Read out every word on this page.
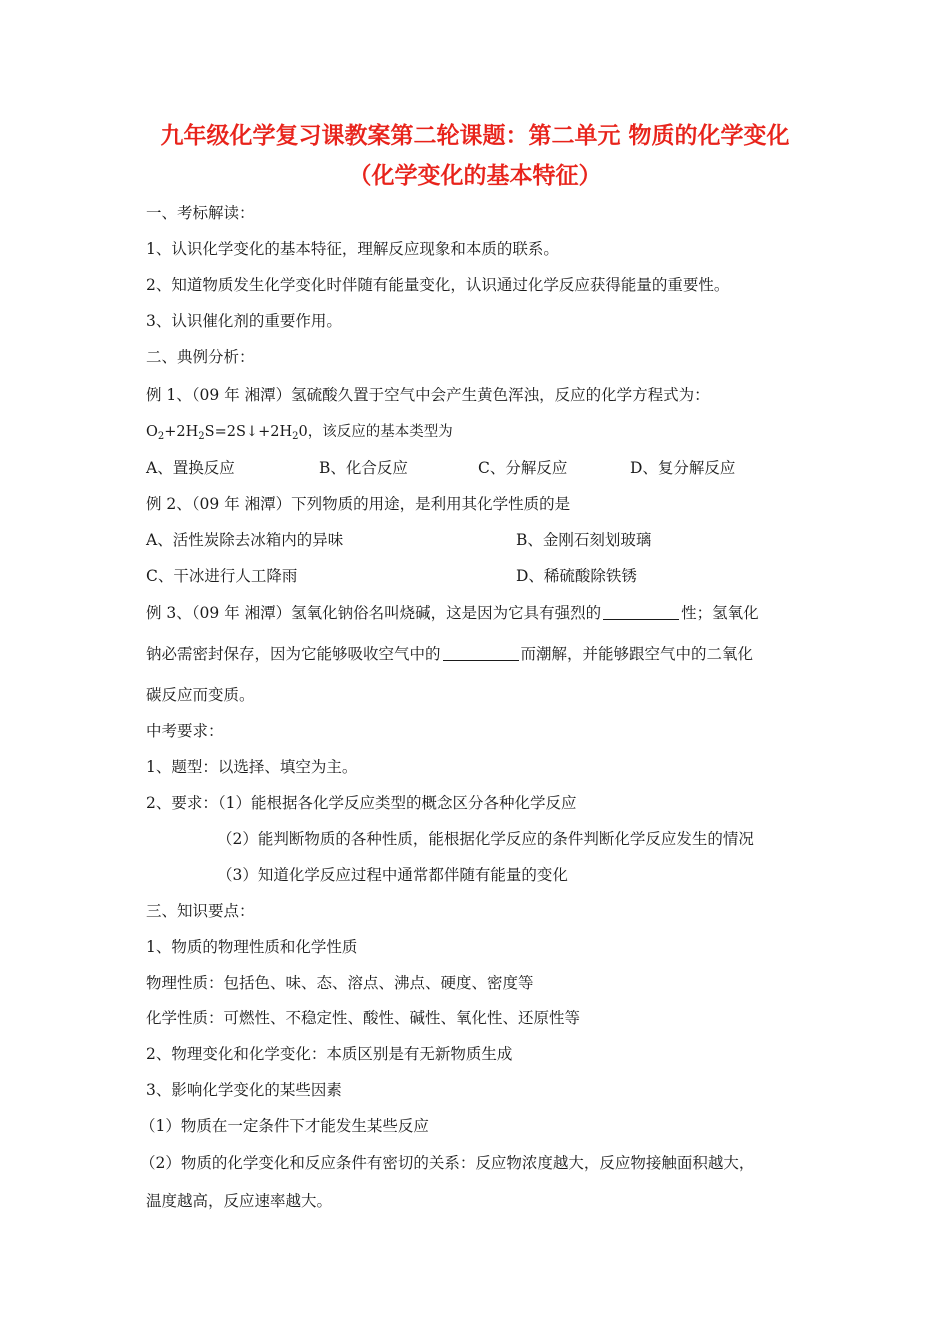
九年级化学复习课教案第二轮课题：第二单元 物质的化学变化（化学变化的基本特征）
一、考标解读：
1、认识化学变化的基本特征，理解反应现象和本质的联系。
2、知道物质发生化学变化时伴随有能量变化，认识通过化学反应获得能量的重要性。
3、认识催化剂的重要作用。
二、典例分析：
例 1、（09 年 湘潭）氢硫酸久置于空气中会产生黄色浑浊，反应的化学方程式为：
$O_2+2H_2S=2S↓+2H_20$，该反应的基本类型为
A、置换反应	B、化合反应	C、分解反应	D、复分解反应
例 2、（09 年 湘潭）下列物质的用途，是利用其化学性质的是
A、活性炭除去冰箱内的异味	B、金刚石刻划玻璃
C、干冰进行人工降雨	D、稀硫酸除铁锈
例 3、（09 年 湘潭）氢氧化钠俗名叫烧碱，这是因为它具有强烈的	性；氢氧化
钠必需密封保存，因为它能够吸收空气中的	而潮解，并能够跟空气中的二氧化
碳反应而变质。
中考要求：
1、题型：以选择、填空为主。
2、要求：（1）能根据各化学反应类型的概念区分各种化学反应
（2）能判断物质的各种性质，能根据化学反应的条件判断化学反应发生的情况
（3）知道化学反应过程中通常都伴随有能量的变化
三、知识要点：
1、物质的物理性质和化学性质
物理性质：包括色、味、态、溶点、沸点、硬度、密度等
化学性质：可燃性、不稳定性、酸性、碱性、氧化性、还原性等
2、物理变化和化学变化：本质区别是有无新物质生成
3、影响化学变化的某些因素
（1）物质在一定条件下才能发生某些反应
（2）物质的化学变化和反应条件有密切的关系：反应物浓度越大，反应物接触面积越大，
温度越高，反应速率越大。
